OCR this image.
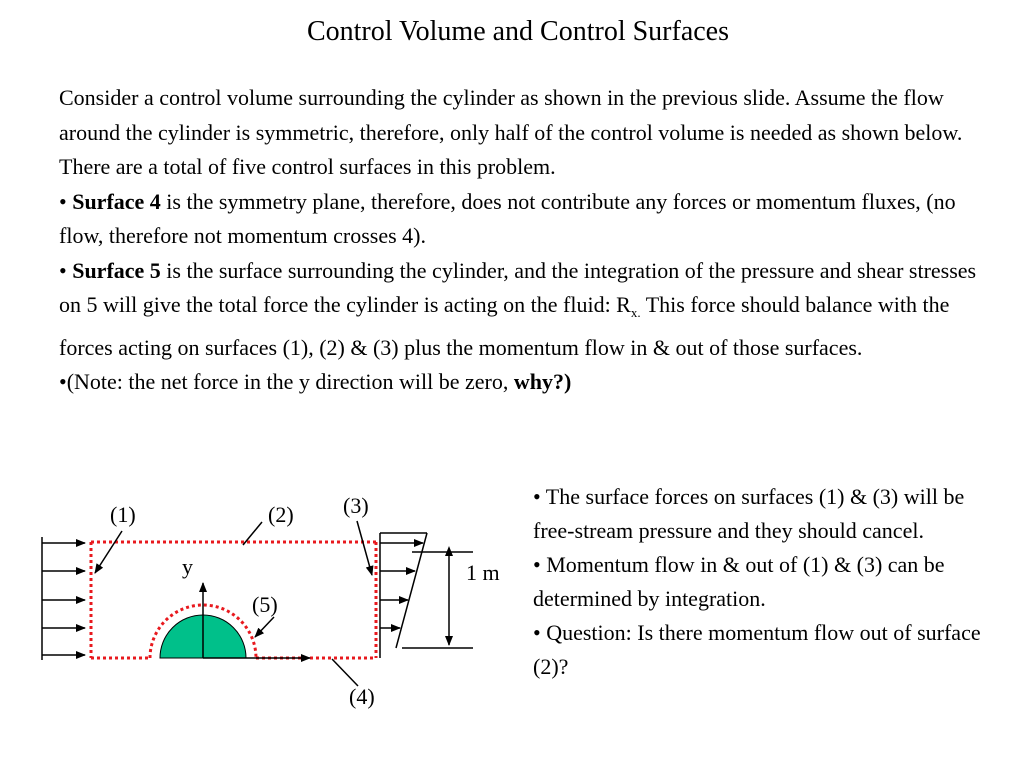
Control Volume and Control Surfaces

Consider a control volume surrounding the cylinder as shown in the previous slide. Assume the flow around the cylinder is symmetric, therefore, only half of the control volume is needed as shown below. There are a total of five control surfaces in this problem.

• Surface 4 is the symmetry plane, therefore, does not contribute any forces or momentum fluxes, (no flow, therefore not momentum crosses 4).

• Surface 5 is the surface surrounding the cylinder, and the integration of the pressure and shear stresses on 5 will give the total force the cylinder is acting on the fluid: $R_{x.}$ This force should balance with the forces acting on surfaces (1), (2) & (3) plus the momentum flow in & out of those surfaces.

•(Note: the net force in the y direction will be zero, why?)

• The surface forces on surfaces (1) & (3) will be free-stream pressure and they should cancel.

• Momentum flow in & out of (1) & (3) can be determined by integration.

• Question: Is there momentum flow out of surface (2)?

(1)	(2) (3)
(4)
(5)
y	1 m
